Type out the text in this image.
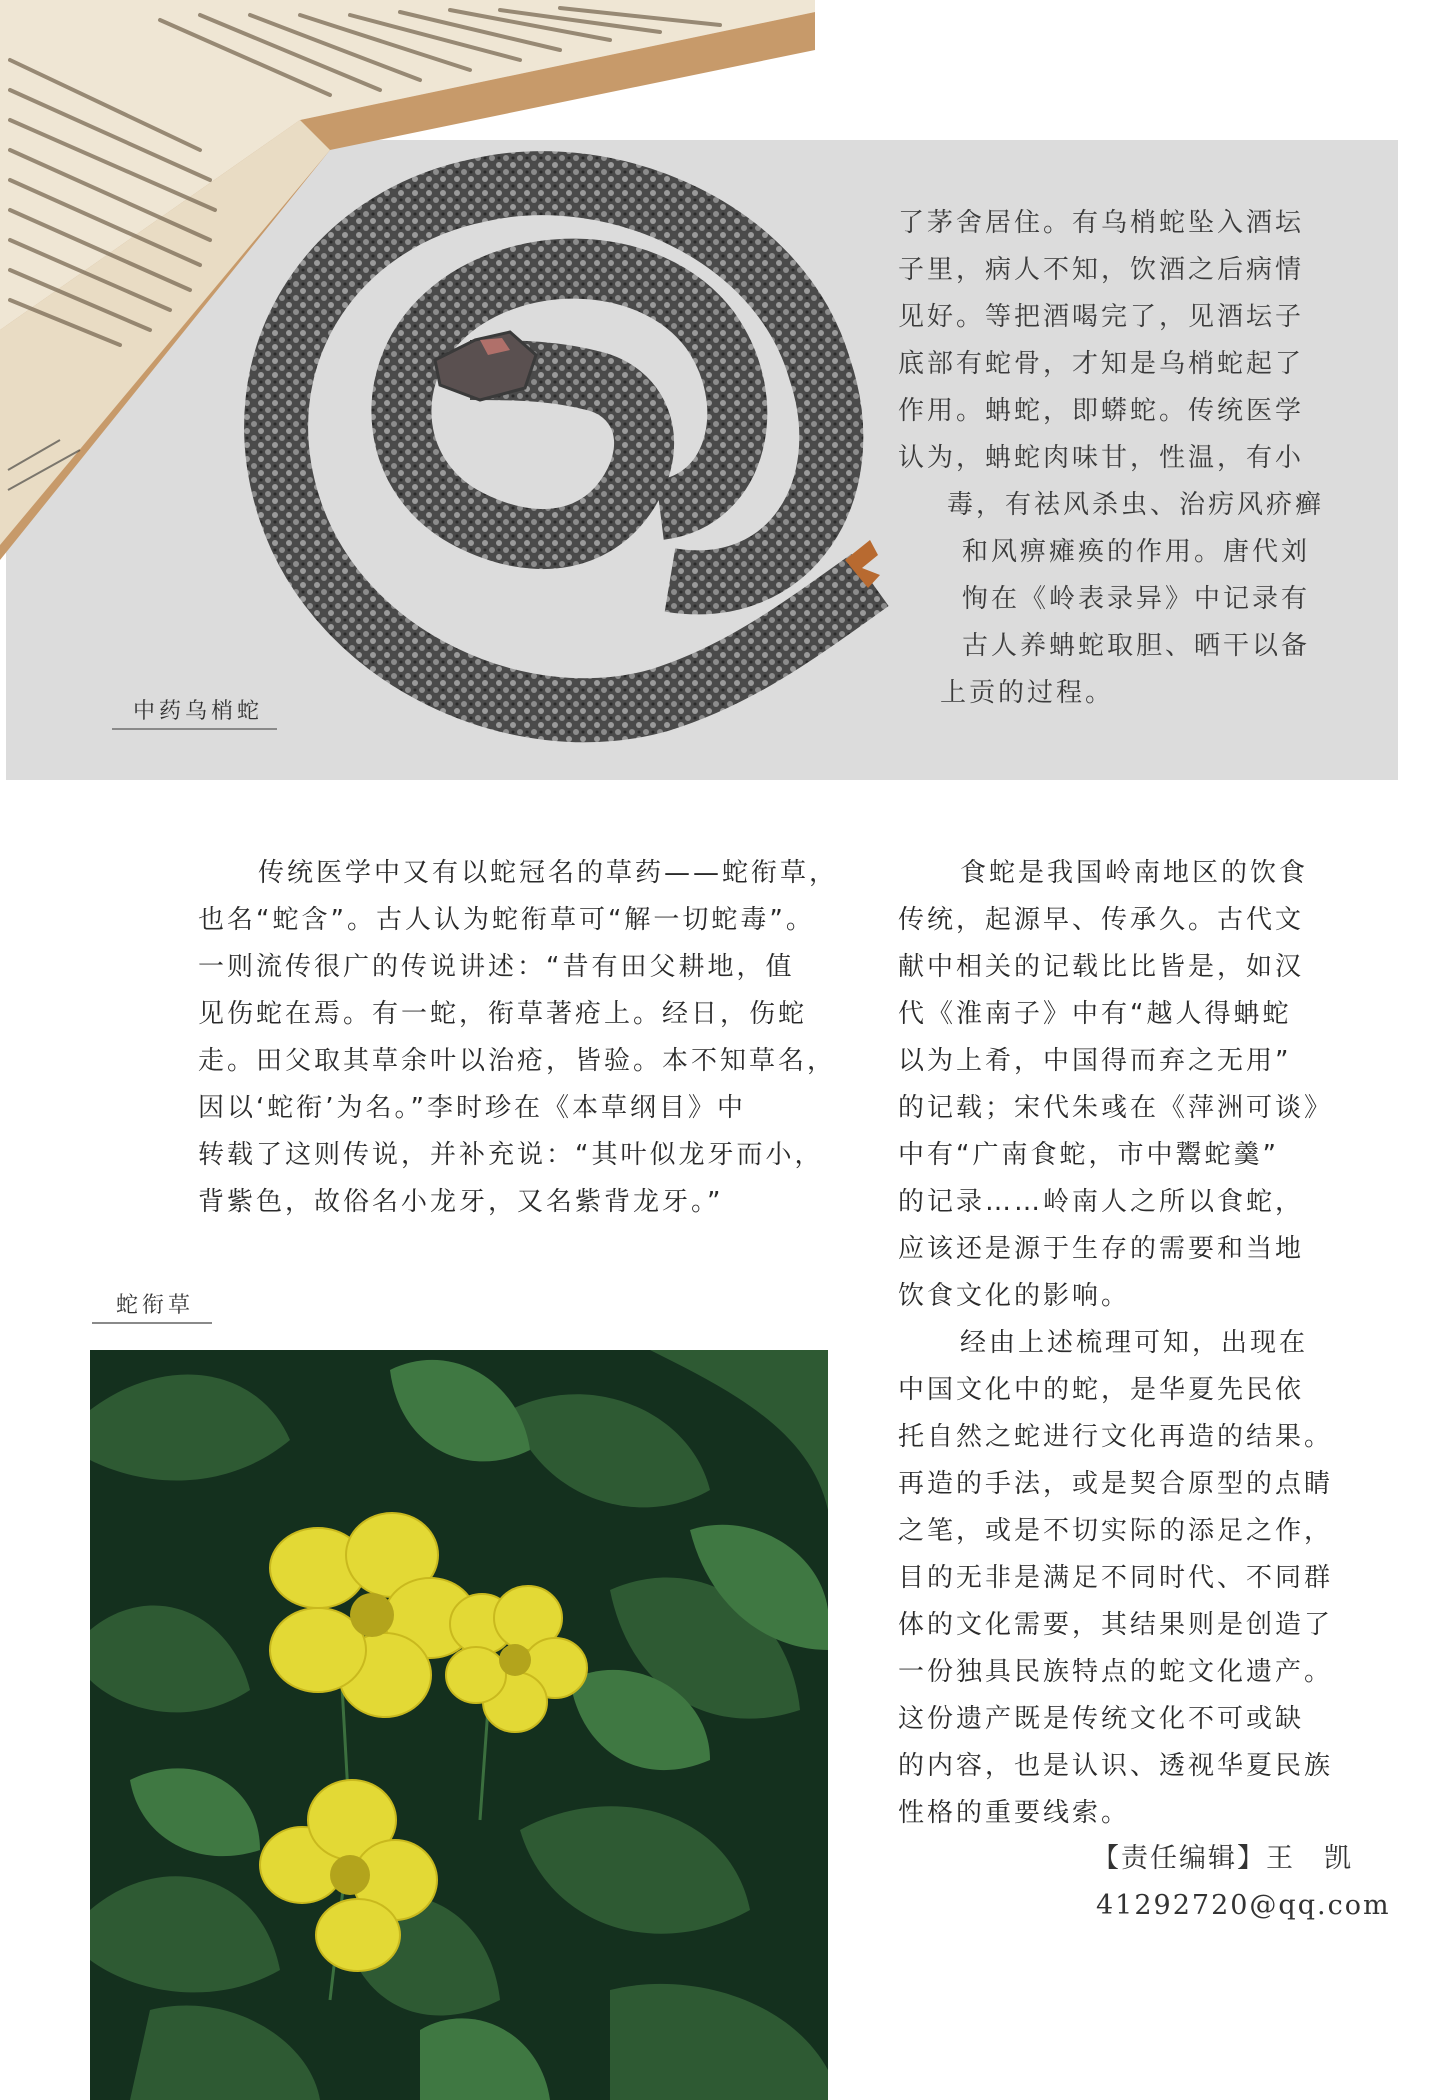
中药乌梢蛇

了茅舍居住。有乌梢蛇坠入酒坛
子里，病人不知，饮酒之后病情
见好。等把酒喝完了，见酒坛子
底部有蛇骨，才知是乌梢蛇起了
作用。蚺蛇，即蟒蛇。传统医学
认为，蚺蛇肉味甘，性温，有小
毒，有祛风杀虫、治疠风疥癣
和风痹瘫痪的作用。唐代刘
恂在《岭表录异》中记录有
古人养蚺蛇取胆、晒干以备
上贡的过程。

传统医学中又有以蛇冠名的草药——蛇衔草，
也名“蛇含”。古人认为蛇衔草可“解一切蛇毒”。
一则流传很广的传说讲述：“昔有田父耕地，值
见伤蛇在焉。有一蛇，衔草著疮上。经日，伤蛇
走。田父取其草余叶以治疮，皆验。本不知草名，
因以‘蛇衔’为名。”李时珍在《本草纲目》中
转载了这则传说，并补充说：“其叶似龙牙而小，
背紫色，故俗名小龙牙，又名紫背龙牙。”

蛇衔草

食蛇是我国岭南地区的饮食
传统，起源早、传承久。古代文
献中相关的记载比比皆是，如汉
代《淮南子》中有“越人得蚺蛇
以为上肴，中国得而弃之无用”
的记载；宋代朱彧在《萍洲可谈》
中有“广南食蛇，市中鬻蛇羹”
的记录……岭南人之所以食蛇，
应该还是源于生存的需要和当地
饮食文化的影响。
经由上述梳理可知，出现在
中国文化中的蛇，是华夏先民依
托自然之蛇进行文化再造的结果。
再造的手法，或是契合原型的点睛
之笔，或是不切实际的添足之作，
目的无非是满足不同时代、不同群
体的文化需要，其结果则是创造了
一份独具民族特点的蛇文化遗产。
这份遗产既是传统文化不可或缺
的内容，也是认识、透视华夏民族
性格的重要线索。

【责任编辑】王　凯
41292720@qq.com
